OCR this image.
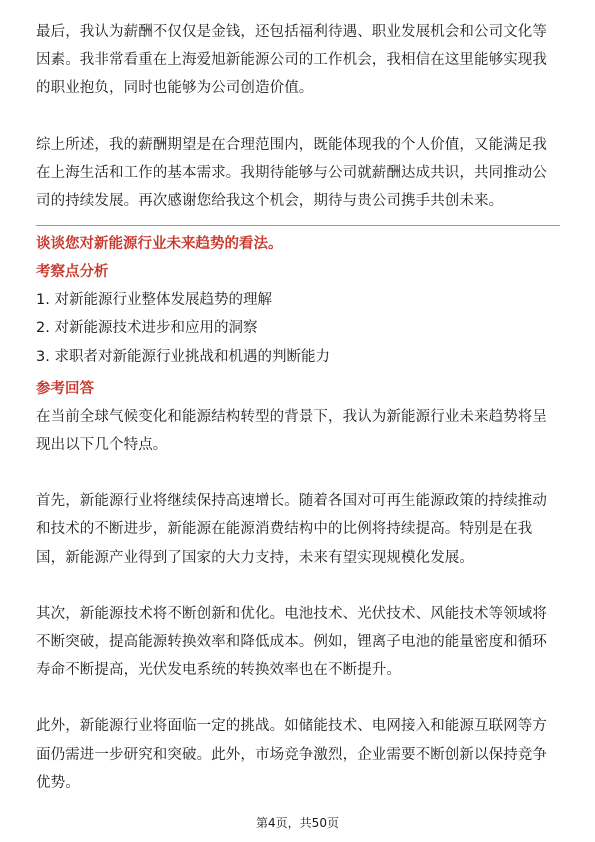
最后，我认为薪酬不仅仅是金钱，还包括福利待遇、职业发展机会和公司文化等因素。我非常看重在上海爱旭新能源公司的工作机会，我相信在这里能够实现我的职业抱负，同时也能够为公司创造价值。

综上所述，我的薪酬期望是在合理范围内，既能体现我的个人价值，又能满足我在上海生活和工作的基本需求。我期待能够与公司就薪酬达成共识，共同推动公司的持续发展。再次感谢您给我这个机会，期待与贵公司携手共创未来。

谈谈您对新能源行业未来趋势的看法。
考察点分析
1. 对新能源行业整体发展趋势的理解
2. 对新能源技术进步和应用的洞察
3. 求职者对新能源行业挑战和机遇的判断能力
参考回答

在当前全球气候变化和能源结构转型的背景下，我认为新能源行业未来趋势将呈现出以下几个特点。

首先，新能源行业将继续保持高速增长。随着各国对可再生能源政策的持续推动和技术的不断进步，新能源在能源消费结构中的比例将持续提高。特别是在我国，新能源产业得到了国家的大力支持，未来有望实现规模化发展。

其次，新能源技术将不断创新和优化。电池技术、光伏技术、风能技术等领域将不断突破，提高能源转换效率和降低成本。例如，锂离子电池的能量密度和循环寿命不断提高，光伏发电系统的转换效率也在不断提升。

此外，新能源行业将面临一定的挑战。如储能技术、电网接入和能源互联网等方面仍需进一步研究和突破。此外，市场竞争激烈，企业需要不断创新以保持竞争优势。

第4页，共50页
